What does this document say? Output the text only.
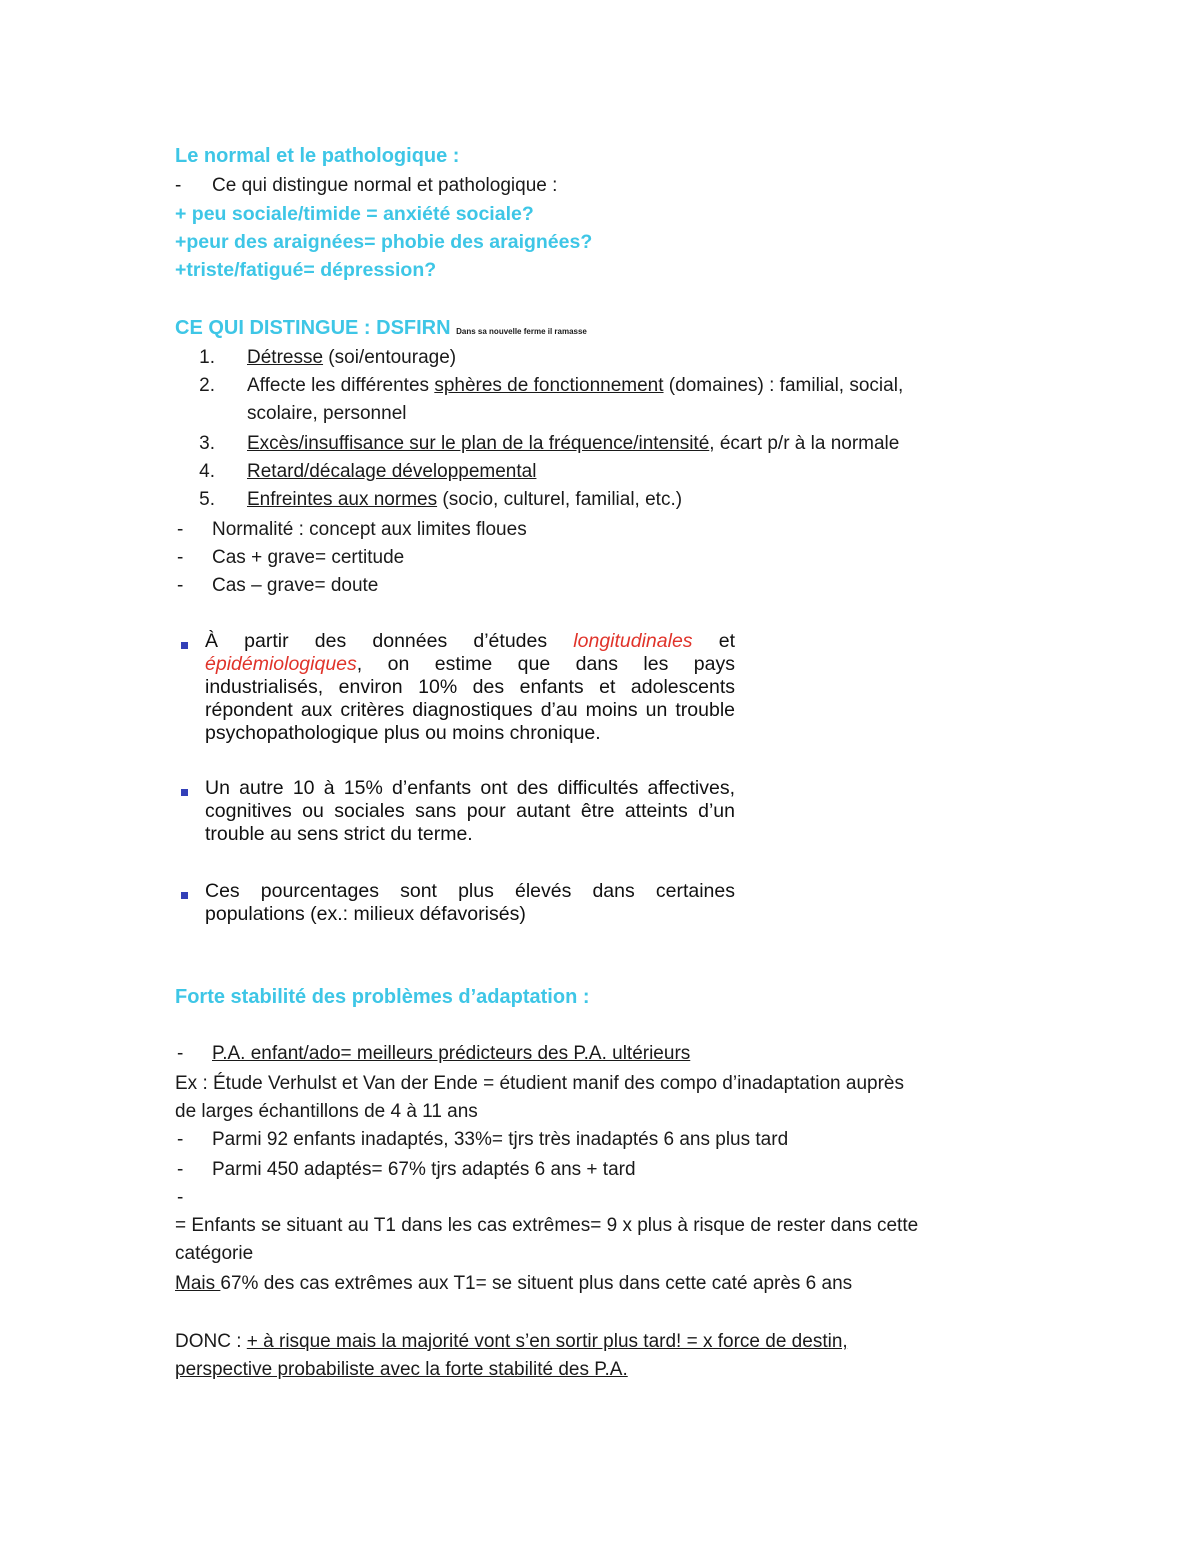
Le normal et le pathologique :
- Ce qui distingue normal et pathologique :
+ peu sociale/timide = anxiété sociale?
+peur des araignées= phobie des araignées?
+triste/fatigué= dépression?
CE QUI DISTINGUE : DSFIRN Dans sa nouvelle ferme il ramasse
1. Détresse (soi/entourage)
2. Affecte les différentes sphères de fonctionnement (domaines) : familial, social,
scolaire, personnel
3. Excès/insuffisance sur le plan de la fréquence/intensité, écart p/r à la normale
4. Retard/décalage développemental
5. Enfreintes aux normes (socio, culturel, familial, etc.)
- Normalité : concept aux limites floues
- Cas + grave= certitude
- Cas – grave= doute
À partir des données d’études longitudinales et épidémiologiques, on estime que dans les pays industrialisés, environ 10% des enfants et adolescents répondent aux critères diagnostiques d’au moins un trouble psychopathologique plus ou moins chronique.
Un autre 10 à 15% d’enfants ont des difficultés affectives, cognitives ou sociales sans pour autant être atteints d’un trouble au sens strict du terme.
Ces pourcentages sont plus élevés dans certaines populations (ex.: milieux défavorisés)
Forte stabilité des problèmes d’adaptation :
- P.A. enfant/ado= meilleurs prédicteurs des P.A. ultérieurs
Ex : Étude Verhulst et Van der Ende = étudient manif des compo d’inadaptation auprès
de larges échantillons de 4 à 11 ans
- Parmi 92 enfants inadaptés, 33%= tjrs très inadaptés 6 ans plus tard
- Parmi 450 adaptés= 67% tjrs adaptés 6 ans + tard
-
= Enfants se situant au T1 dans les cas extrêmes= 9 x plus à risque de rester dans cette
catégorie
Mais 67% des cas extrêmes aux T1= se situent plus dans cette caté après 6 ans
DONC : + à risque mais la majorité vont s’en sortir plus tard! = x force de destin,
perspective probabiliste avec la forte stabilité des P.A.
